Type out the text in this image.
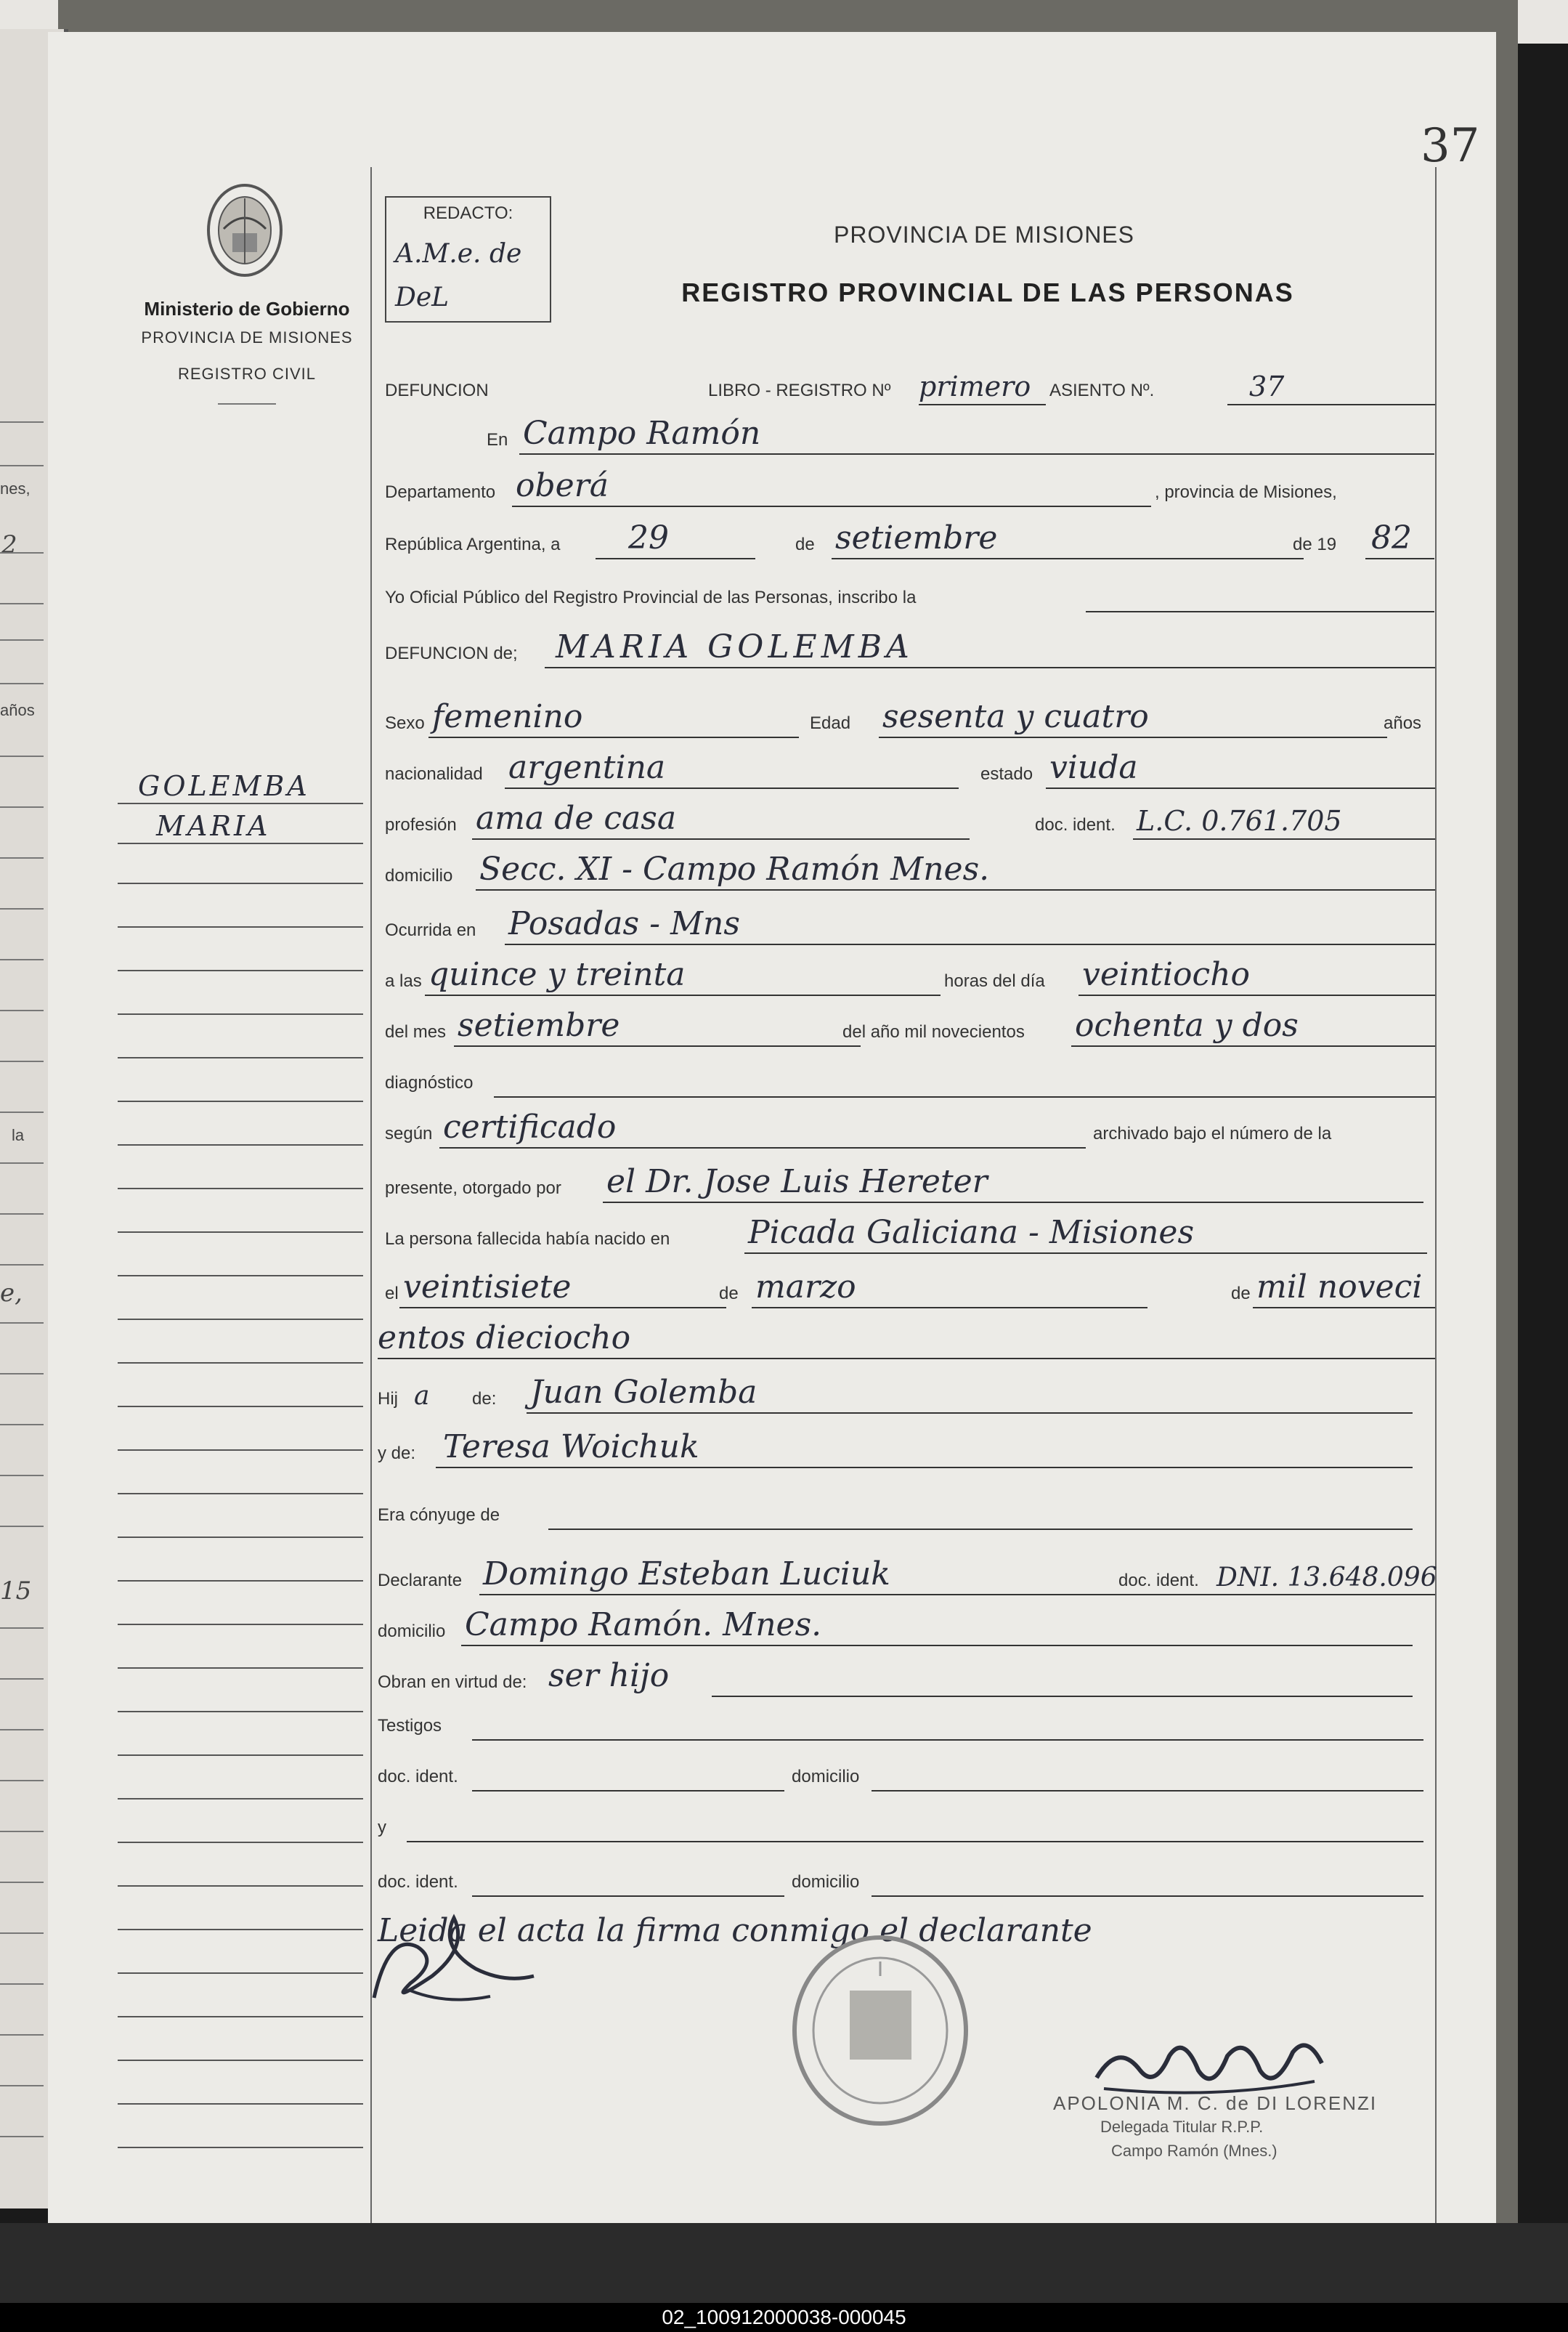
nes,
2
años
la
e,
15
37
Ministerio de Gobierno
PROVINCIA DE MISIONES
REGISTRO CIVIL
REDACTO:
A.M.e. de DeL
PROVINCIA DE MISIONES
REGISTRO PROVINCIAL DE LAS PERSONAS
GOLEMBA
MARIA
DEFUNCION	LIBRO - REGISTRO Nº primero ASIENTO Nº.	37
En Campo Ramón
Departamento oberá	, provincia de Misiones,
República Argentina, a 29	de setiembre	de 19 82
Yo Oficial Público del Registro Provincial de las Personas, inscribo la
DEFUNCION de; MARIA GOLEMBA
Sexo femenino	Edad sesenta y cuatro	años
nacionalidad argentina	estado viuda
profesión ama de casa	doc. ident. L.C. 0.761.705
domicilio Secc. XI - Campo Ramón Mnes.
Ocurrida en Posadas - Mns
a las quince y treinta	horas del día veintiocho
del mes setiembre	del año mil novecientos ochenta y dos
diagnóstico
según certificado	archivado bajo el número de la
presente, otorgado por el Dr. Jose Luis Hereter
La persona fallecida había nacido en Picada Galiciana - Misiones
el veintisiete	de marzo	de mil noveci
entos dieciocho
Hij a de: Juan Golemba
y de: Teresa Woichuk
Era cónyuge de
Declarante Domingo Esteban Luciuk	doc. ident. DNI. 13.648.096
domicilio Campo Ramón. Mnes.
Obran en virtud de: ser hijo
Testigos
doc. ident.	domicilio
y
doc. ident.	domicilio
Leida el acta la firma conmigo el declarante
APOLONIA M. C. de DI LORENZI
Delegada Titular R.P.P.
Campo Ramón (Mnes.)
02_100912000038-000045
